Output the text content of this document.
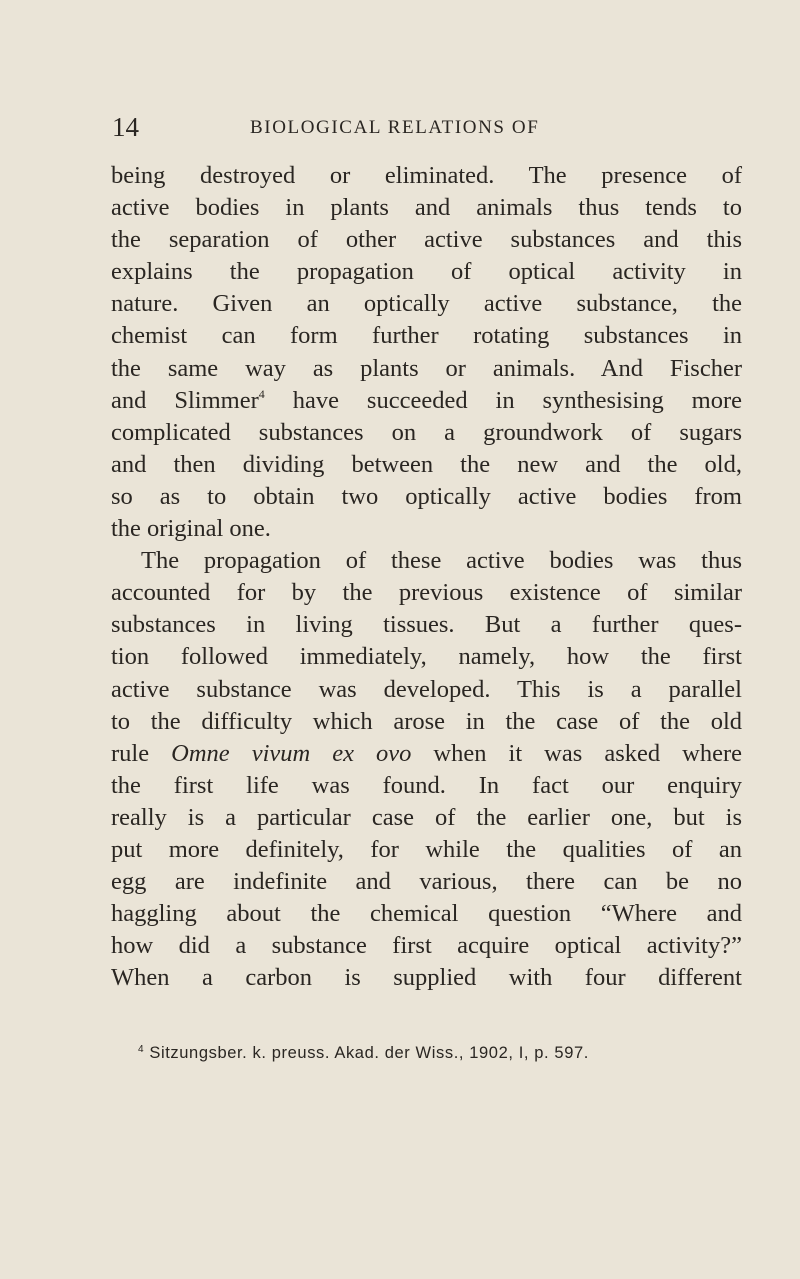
14	BIOLOGICAL RELATIONS OF
being destroyed or eliminated. The presence of
active bodies in plants and animals thus tends to
the separation of other active substances and this
explains the propagation of optical activity in
nature. Given an optically active substance, the
chemist can form further rotating substances in
the same way as plants or animals. And Fischer
and Slimmer$^4$ have succeeded in synthesising more
complicated substances on a groundwork of sugars
and then dividing between the new and the old,
so as to obtain two optically active bodies from
the original one.
The propagation of these active bodies was thus
accounted for by the previous existence of similar
substances in living tissues. But a further ques-
tion followed immediately, namely, how the first
active substance was developed. This is a parallel
to the difficulty which arose in the case of the old
rule Omne vivum ex ovo when it was asked where
the first life was found. In fact our enquiry
really is a particular case of the earlier one, but is
put more definitely, for while the qualities of an
egg are indefinite and various, there can be no
haggling about the chemical question “Where and
how did a substance first acquire optical activity?”
When a carbon is supplied with four different
$^4$ Sitzungsber. k. preuss. Akad. der Wiss., 1902, I, p. 597.
